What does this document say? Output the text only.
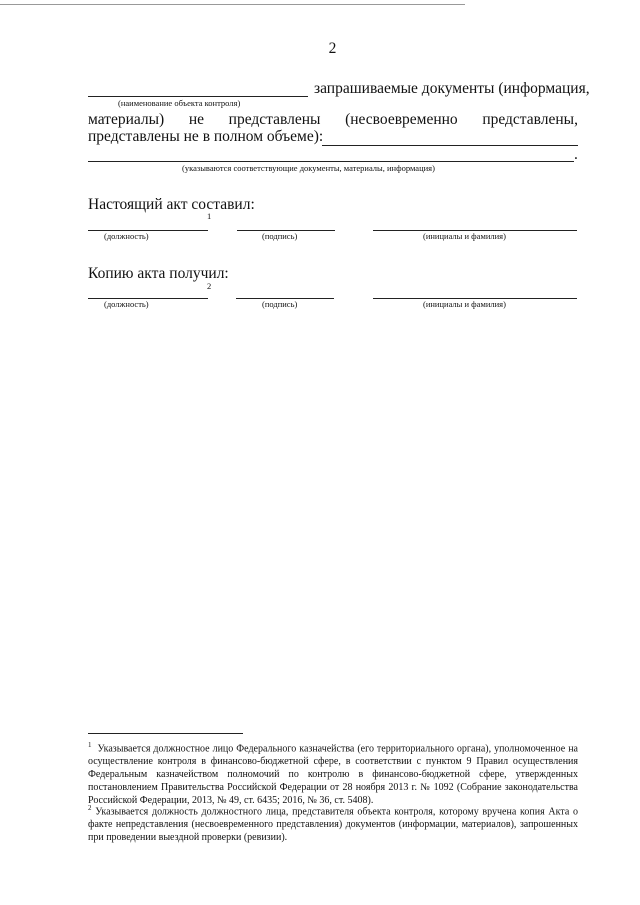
2
запрашиваемые документы (информация,
(наименование объекта контроля)
материалы) не представлены (несвоевременно представлены,
представлены не в полном объеме):
.
(указываются соответствующие документы, материалы, информация)
Настоящий акт составил:
1
(должность)	(подпись)	(инициалы и фамилия)
Копию акта получил:
2
(должность)	(подпись)	(инициалы и фамилия)
$^1$ Указывается должностное лицо Федерального казначейства (его территориального органа), уполномоченное на осуществление контроля в финансово-бюджетной сфере, в соответствии с пунктом 9 Правил осуществления Федеральным казначейством полномочий по контролю в финансово-бюджетной сфере, утвержденных постановлением Правительства Российской Федерации от 28 ноября 2013 г. № 1092 (Собрание законодательства Российской Федерации, 2013, № 49, ст. 6435; 2016, № 36, ст. 5408).
$^2$ Указывается должность должностного лица, представителя объекта контроля, которому вручена копия Акта о факте непредставления (несвоевременного представления) документов (информации, материалов), запрошенных при проведении выездной проверки (ревизии).
